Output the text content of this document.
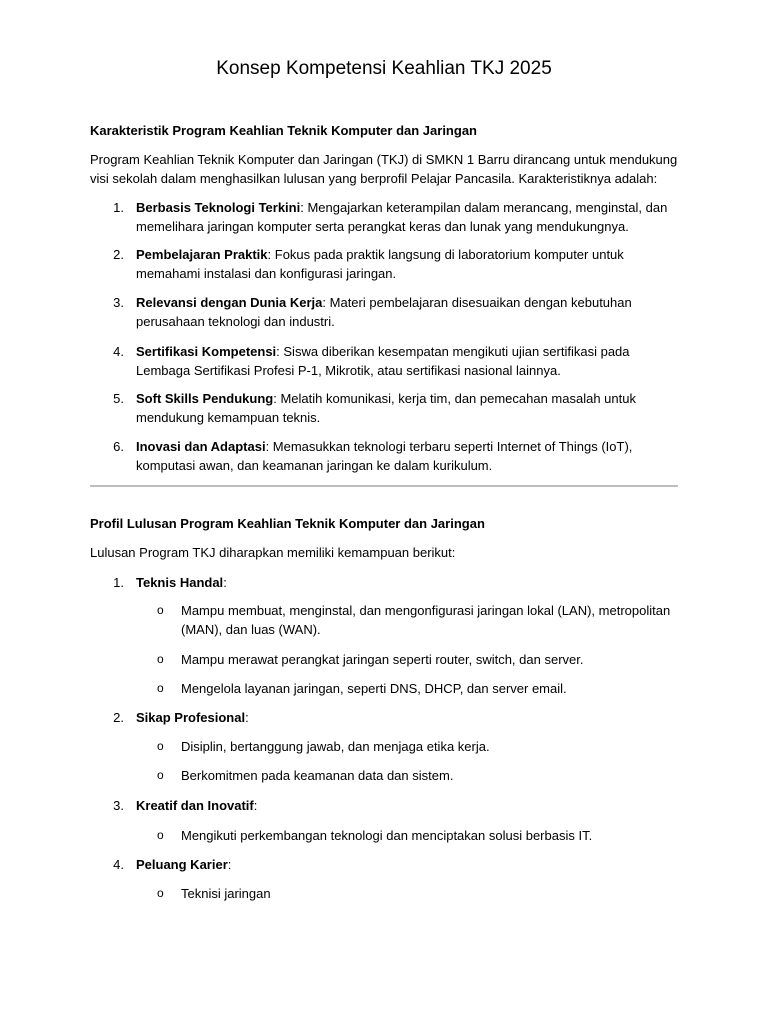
Konsep Kompetensi Keahlian TKJ 2025
Karakteristik Program Keahlian Teknik Komputer dan Jaringan
Program Keahlian Teknik Komputer dan Jaringan (TKJ) di SMKN 1 Barru dirancang untuk mendukung visi sekolah dalam menghasilkan lulusan yang berprofil Pelajar Pancasila. Karakteristiknya adalah:
1. Berbasis Teknologi Terkini: Mengajarkan keterampilan dalam merancang, menginstal, dan memelihara jaringan komputer serta perangkat keras dan lunak yang mendukungnya.
2. Pembelajaran Praktik: Fokus pada praktik langsung di laboratorium komputer untuk memahami instalasi dan konfigurasi jaringan.
3. Relevansi dengan Dunia Kerja: Materi pembelajaran disesuaikan dengan kebutuhan perusahaan teknologi dan industri.
4. Sertifikasi Kompetensi: Siswa diberikan kesempatan mengikuti ujian sertifikasi pada Lembaga Sertifikasi Profesi P-1, Mikrotik, atau sertifikasi nasional lainnya.
5. Soft Skills Pendukung: Melatih komunikasi, kerja tim, dan pemecahan masalah untuk mendukung kemampuan teknis.
6. Inovasi dan Adaptasi: Memasukkan teknologi terbaru seperti Internet of Things (IoT), komputasi awan, dan keamanan jaringan ke dalam kurikulum.
Profil Lulusan Program Keahlian Teknik Komputer dan Jaringan
Lulusan Program TKJ diharapkan memiliki kemampuan berikut:
1. Teknis Handal:
o Mampu membuat, menginstal, dan mengonfigurasi jaringan lokal (LAN), metropolitan (MAN), dan luas (WAN).
o Mampu merawat perangkat jaringan seperti router, switch, dan server.
o Mengelola layanan jaringan, seperti DNS, DHCP, dan server email.
2. Sikap Profesional:
o Disiplin, bertanggung jawab, dan menjaga etika kerja.
o Berkomitmen pada keamanan data dan sistem.
3. Kreatif dan Inovatif:
o Mengikuti perkembangan teknologi dan menciptakan solusi berbasis IT.
4. Peluang Karier:
o Teknisi jaringan
